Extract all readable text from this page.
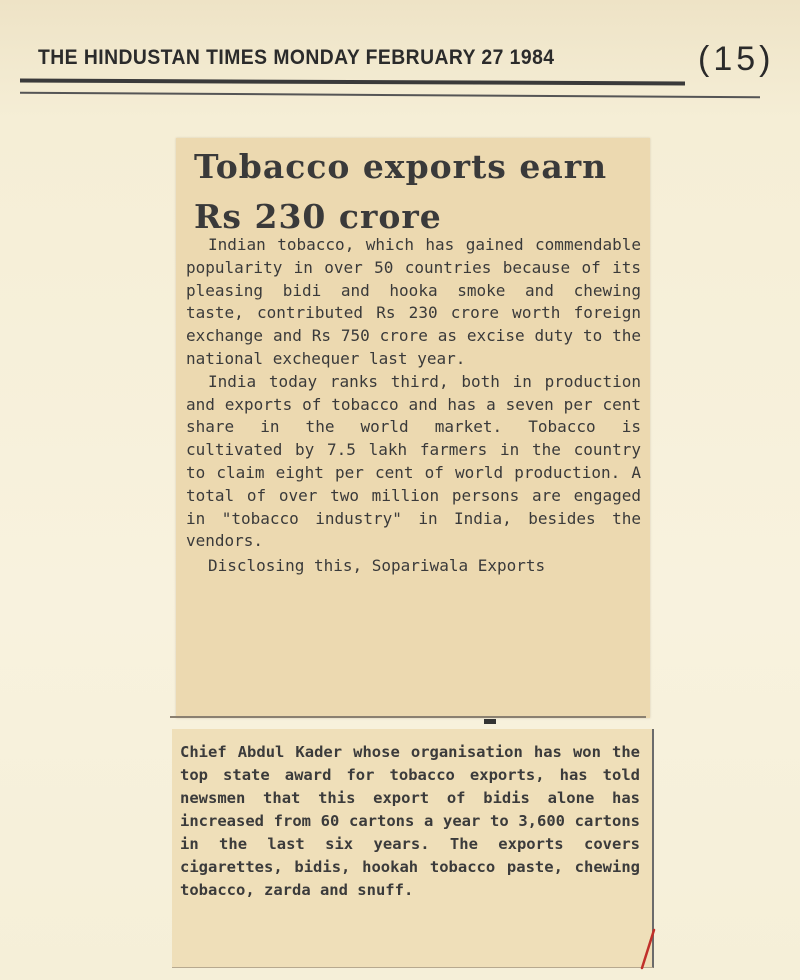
THE HINDUSTAN TIMES MONDAY FEBRUARY 27 1984	(15)
Tobacco exports earn Rs 230 crore

Indian tobacco, which has gained commendable popularity in over 50 countries because of its pleasing bidi and hooka smoke and chewing taste, contributed Rs 230 crore worth foreign exchange and Rs 750 crore as excise duty to the national exchequer last year.

India today ranks third, both in production and exports of tobacco and has a seven per cent share in the world market. Tobacco is cultivated by 7.5 lakh farmers in the country to claim eight per cent of world production. A total of over two million persons are engaged in "tobacco industry" in India, besides the vendors.

Disclosing this, Sopariwala Exports

Chief Abdul Kader whose organisation has won the top state award for tobacco exports, has told newsmen that this export of bidis alone has increased from 60 cartons a year to 3,600 cartons in the last six years. The exports covers cigarettes, bidis, hookah tobacco paste, chewing tobacco, zarda and snuff.
